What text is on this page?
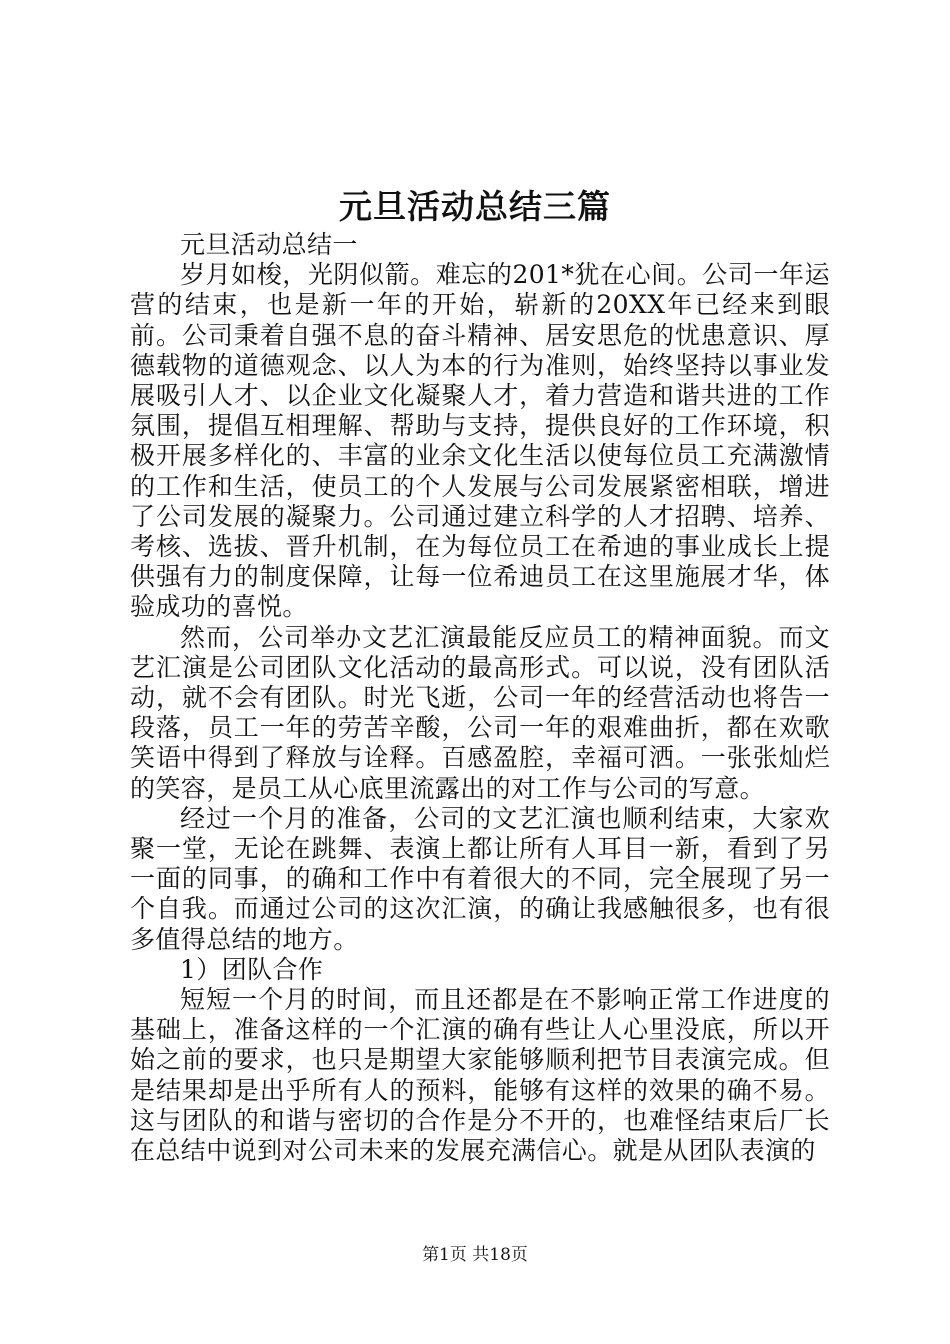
元旦活动总结三篇

元旦活动总结一

岁月如梭，光阴似箭。难忘的201*犹在心间。公司一年运营的结束，也是新一年的开始，崭新的20XX年已经来到眼前。公司秉着自强不息的奋斗精神、居安思危的忧患意识、厚德载物的道德观念、以人为本的行为准则，始终坚持以事业发展吸引人才、以企业文化凝聚人才，着力营造和谐共进的工作氛围，提倡互相理解、帮助与支持，提供良好的工作环境，积极开展多样化的、丰富的业余文化生活以使每位员工充满激情的工作和生活，使员工的个人发展与公司发展紧密相联，增进了公司发展的凝聚力。公司通过建立科学的人才招聘、培养、考核、选拔、晋升机制，在为每位员工在希迪的事业成长上提供强有力的制度保障，让每一位希迪员工在这里施展才华，体验成功的喜悦。

然而，公司举办文艺汇演最能反应员工的精神面貌。而文艺汇演是公司团队文化活动的最高形式。可以说，没有团队活动，就不会有团队。时光飞逝，公司一年的经营活动也将告一段落，员工一年的劳苦辛酸，公司一年的艰难曲折，都在欢歌笑语中得到了释放与诠释。百感盈腔，幸福可洒。一张张灿烂的笑容，是员工从心底里流露出的对工作与公司的写意。

经过一个月的准备，公司的文艺汇演也顺利结束，大家欢聚一堂，无论在跳舞、表演上都让所有人耳目一新，看到了另一面的同事，的确和工作中有着很大的不同，完全展现了另一个自我。而通过公司的这次汇演，的确让我感触很多，也有很多值得总结的地方。

1）团队合作

短短一个月的时间，而且还都是在不影响正常工作进度的基础上，准备这样的一个汇演的确有些让人心里没底，所以开始之前的要求，也只是期望大家能够顺利把节目表演完成。但是结果却是出乎所有人的预料，能够有这样的效果的确不易。这与团队的和谐与密切的合作是分不开的，也难怪结束后厂长在总结中说到对公司未来的发展充满信心。就是从团队表演的

第1页 共18页
